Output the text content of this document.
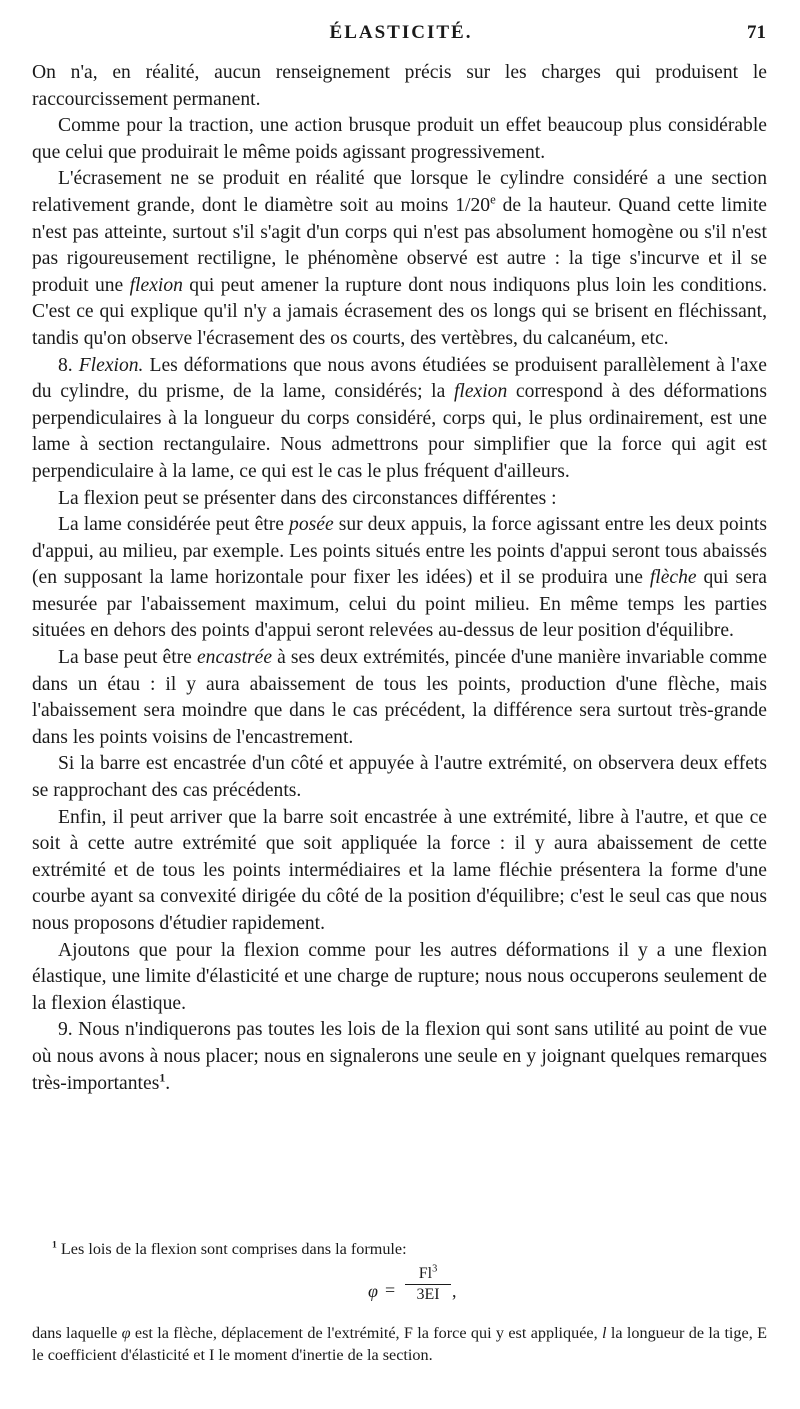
ÉLASTICITÉ.	71

On n'a, en réalité, aucun renseignement précis sur les charges qui produisent le raccourcissement permanent.

Comme pour la traction, une action brusque produit un effet beaucoup plus considérable que celui que produirait le même poids agissant progressivement.

L'écrasement ne se produit en réalité que lorsque le cylindre considéré a une section relativement grande, dont le diamètre soit au moins 1/20e de la hauteur. Quand cette limite n'est pas atteinte, surtout s'il s'agit d'un corps qui n'est pas absolument homogène ou s'il n'est pas rigoureusement rectiligne, le phénomène observé est autre : la tige s'incurve et il se produit une flexion qui peut amener la rupture dont nous indiquons plus loin les conditions. C'est ce qui explique qu'il n'y a jamais écrasement des os longs qui se brisent en fléchissant, tandis qu'on observe l'écrasement des os courts, des vertèbres, du calcanéum, etc.

8. Flexion. Les déformations que nous avons étudiées se produisent parallèlement à l'axe du cylindre, du prisme, de la lame, considérés; la flexion correspond à des déformations perpendiculaires à la longueur du corps considéré, corps qui, le plus ordinairement, est une lame à section rectangulaire. Nous admettrons pour simplifier que la force qui agit est perpendiculaire à la lame, ce qui est le cas le plus fréquent d'ailleurs.

La flexion peut se présenter dans des circonstances différentes :

La lame considérée peut être posée sur deux appuis, la force agissant entre les deux points d'appui, au milieu, par exemple. Les points situés entre les points d'appui seront tous abaissés (en supposant la lame horizontale pour fixer les idées) et il se produira une flèche qui sera mesurée par l'abaissement maximum, celui du point milieu. En même temps les parties situées en dehors des points d'appui seront relevées au-dessus de leur position d'équilibre.

La base peut être encastrée à ses deux extrémités, pincée d'une manière invariable comme dans un étau : il y aura abaissement de tous les points, production d'une flèche, mais l'abaissement sera moindre que dans le cas précédent, la différence sera surtout très-grande dans les points voisins de l'encastrement.

Si la barre est encastrée d'un côté et appuyée à l'autre extrémité, on observera deux effets se rapprochant des cas précédents.

Enfin, il peut arriver que la barre soit encastrée à une extrémité, libre à l'autre, et que ce soit à cette autre extrémité que soit appliquée la force : il y aura abaissement de cette extrémité et de tous les points intermédiaires et la lame fléchie présentera la forme d'une courbe ayant sa convexité dirigée du côté de la position d'équilibre; c'est le seul cas que nous nous proposons d'étudier rapidement.

Ajoutons que pour la flexion comme pour les autres déformations il y a une flexion élastique, une limite d'élasticité et une charge de rupture; nous nous occuperons seulement de la flexion élastique.

9. Nous n'indiquerons pas toutes les lois de la flexion qui sont sans utilité au point de vue où nous avons à nous placer; nous en signalerons une seule en y joignant quelques remarques très-importantes$^1$.

$^1$ Les lois de la flexion sont comprises dans la formule:

$\varphi = \frac{Fl^3}{3EI}$ ,

dans laquelle φ est la flèche, déplacement de l'extrémité, F la force qui y est appliquée, l la longueur de la tige, E le coefficient d'élasticité et I le moment d'inertie de la section.
